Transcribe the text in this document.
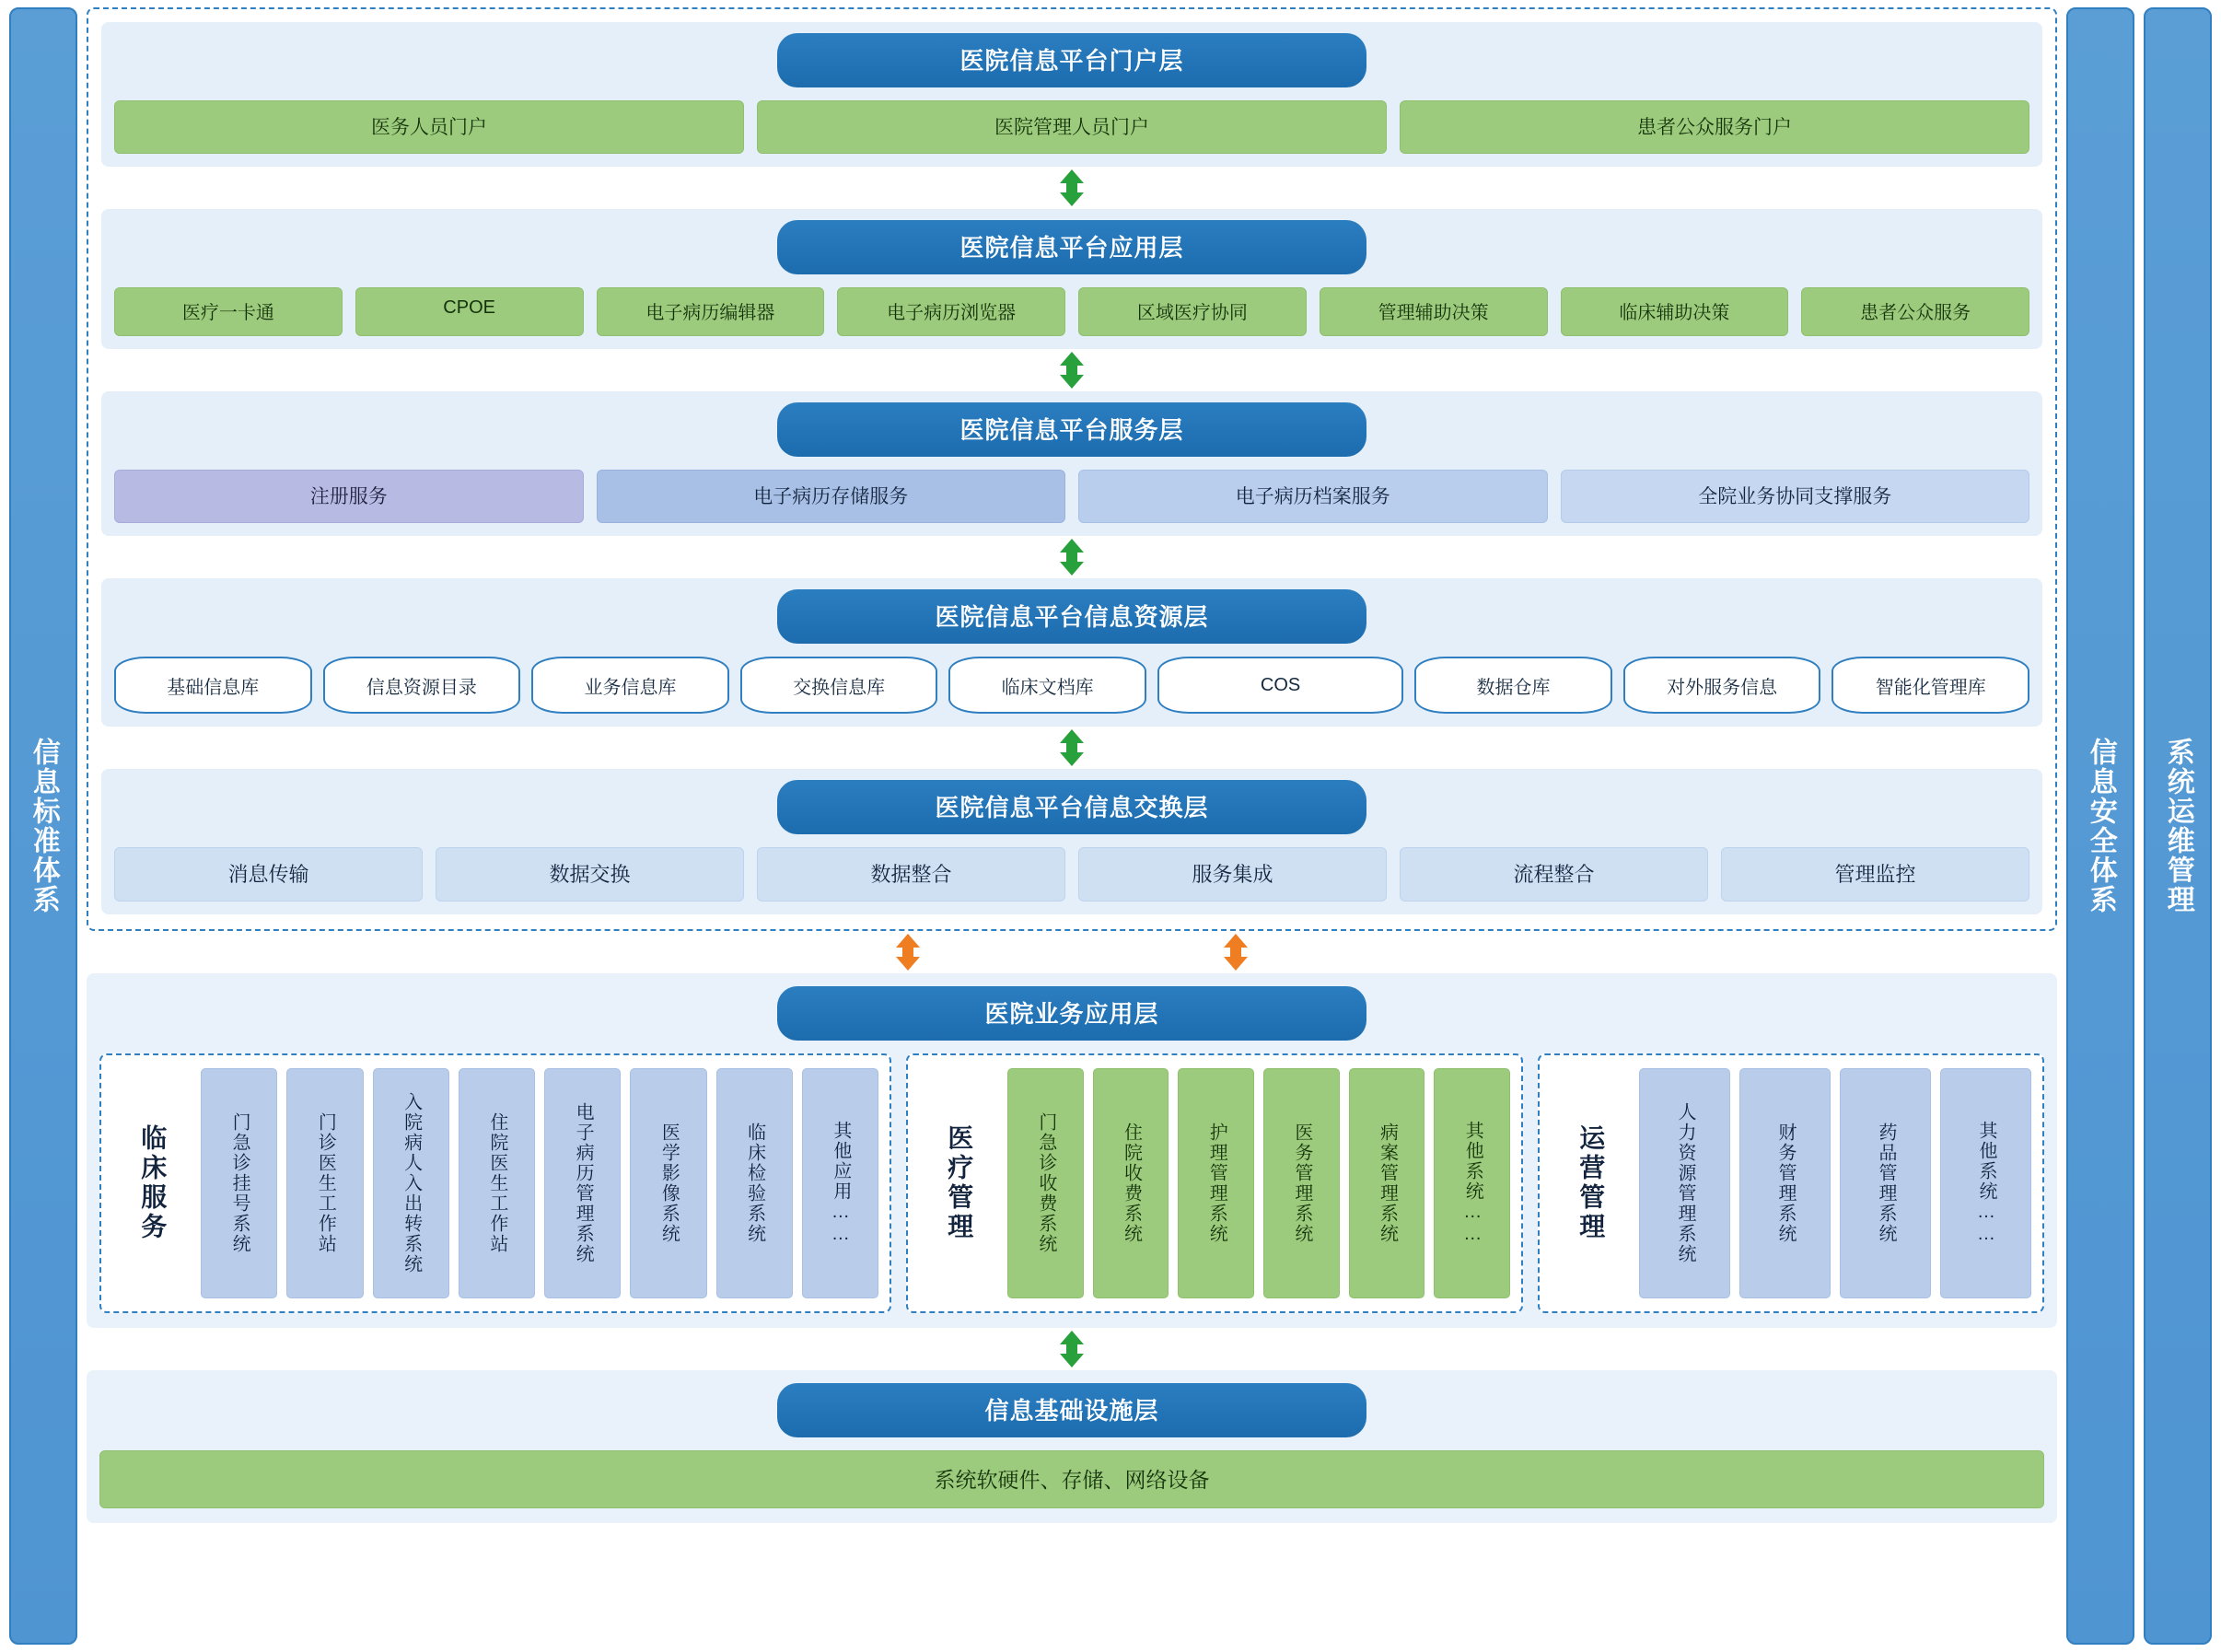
信息标准体系
医院信息平台门户层
医务人员门户	医院管理人员门户	患者公众服务门户
医院信息平台应用层
医疗一卡通	CPOE	电子病历编辑器	电子病历浏览器	区域医疗协同	管理辅助决策	临床辅助决策	患者公众服务
医院信息平台服务层
注册服务	电子病历存储服务	电子病历档案服务	全院业务协同支撑服务
医院信息平台信息资源层
基础信息库	信息资源目录	业务信息库	交换信息库	临床文档库	COS	数据仓库	对外服务信息	智能化管理库
医院信息平台信息交换层
消息传输	数据交换	数据整合	服务集成	流程整合	管理监控
医院业务应用层
临床服务	门急诊挂号系统	门诊医生工作站	入院病人入出转系统	住院医生工作站	电子病历管理系统	医学影像系统	临床检验系统	其他应用……	医疗管理	门急诊收费系统	住院收费系统	护理管理系统	医务管理系统	病案管理系统	其他系统……	运营管理	人力资源管理系统	财务管理系统	药品管理系统	其他系统……
信息基础设施层
系统软硬件、存储、网络设备
信息安全体系	系统运维管理
